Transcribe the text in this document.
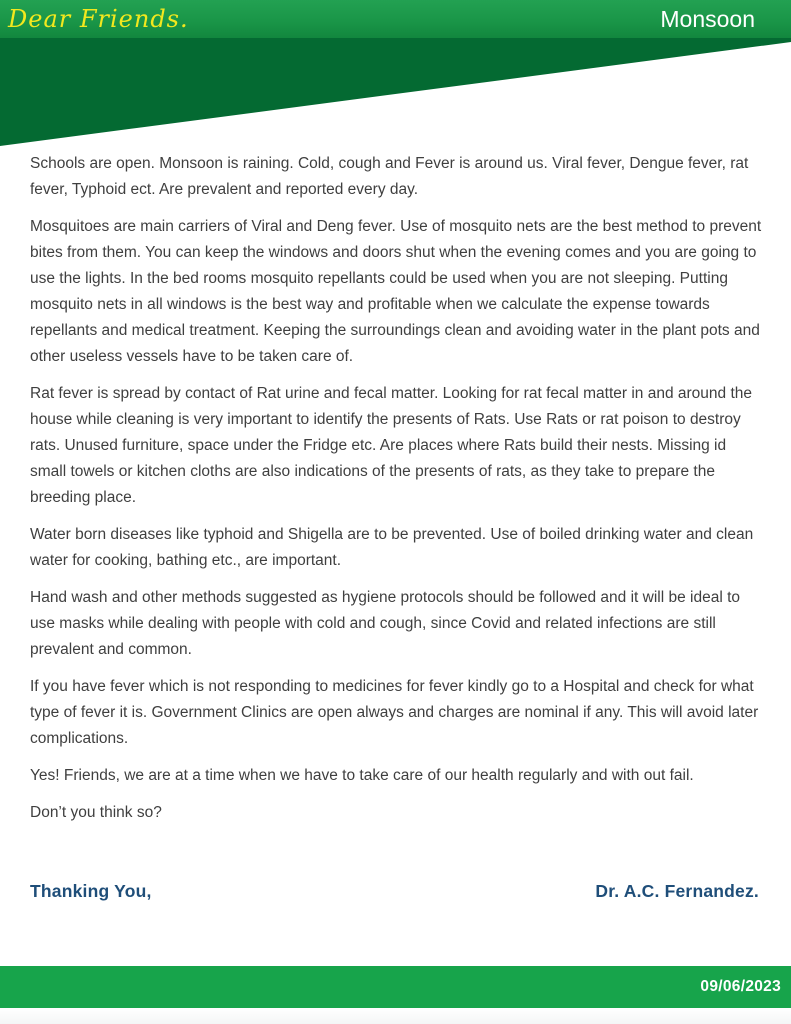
Dear Friends.	Monsoon

Schools are open. Monsoon is raining. Cold, cough and Fever is around us. Viral fever, Dengue fever, rat fever, Typhoid ect. Are prevalent and reported every day.

Mosquitoes are main carriers of Viral and Deng fever. Use of mosquito nets are the best method to prevent bites from them. You can keep the windows and doors shut when the evening comes and you are going to use the lights. In the bed rooms mosquito repellants could be used when you are not sleeping. Putting mosquito nets in all windows is the best way and profitable when we calculate the expense towards repellants and medical treatment. Keeping the surroundings clean and avoiding water in the plant pots and other useless vessels have to be taken care of.

Rat fever is spread by contact of Rat urine and fecal matter. Looking for rat fecal matter in and around the house while cleaning is very important to identify the presents of Rats. Use Rats or rat poison to destroy rats. Unused furniture, space under the Fridge etc. Are places where Rats build their nests. Missing id small towels or kitchen cloths are also indications of the presents of rats, as they take to prepare the breeding place.

Water born diseases like typhoid and Shigella are to be prevented. Use of boiled drinking water and clean water for cooking, bathing etc., are important.

Hand wash and other methods suggested as hygiene protocols should be followed and it will be ideal to use masks while dealing with people with cold and cough, since Covid and related infections are still prevalent and common.

If you have fever which is not responding to medicines for fever kindly go to a Hospital and check for what type of fever it is. Government Clinics are open always and charges are nominal if any. This will avoid later complications.

Yes! Friends, we are at a time when we have to take care of our health regularly and with out fail.

Don’t you think so?

Thanking You,	Dr. A.C. Fernandez.
09/06/2023
